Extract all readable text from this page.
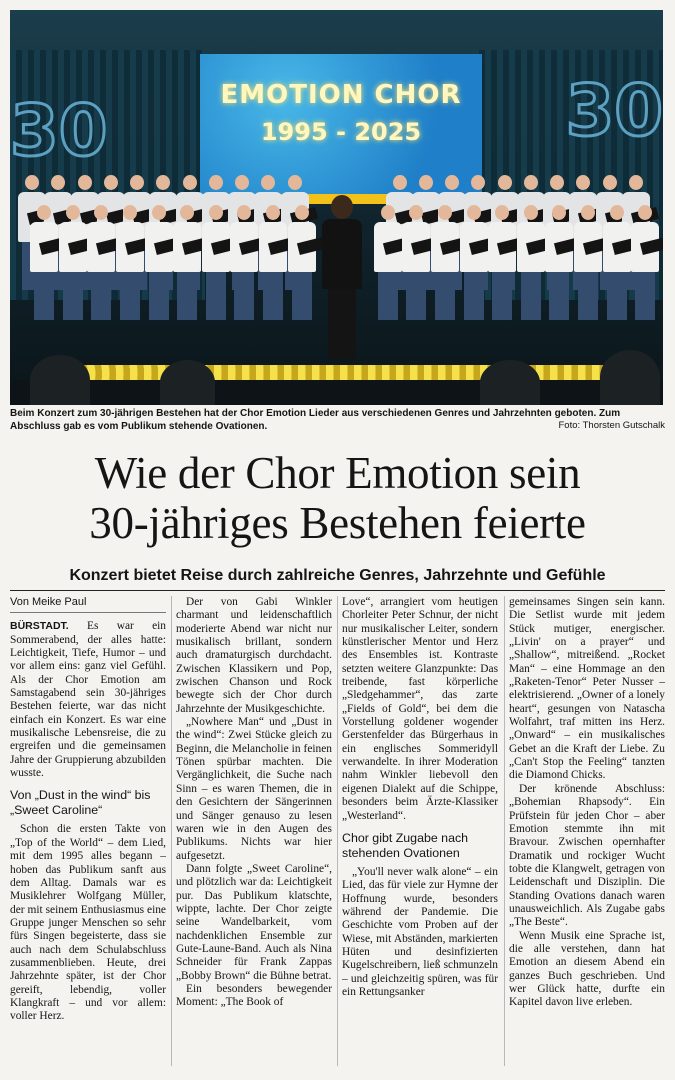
EMOTION CHOR
1995 - 2025
30	30
Beim Konzert zum 30-jährigen Bestehen hat der Chor Emotion Lieder aus verschiedenen Genres und Jahrzehnten geboten. Zum Abschluss gab es vom Publikum stehende Ovationen.	Foto: Thorsten Gutschalk
Wie der Chor Emotion sein
30-jähriges Bestehen feierte
Konzert bietet Reise durch zahlreiche Genres, Jahrzehnte und Gefühle
Von Meike Paul

BÜRSTADT. Es war ein Sommerabend, der alles hatte: Leichtigkeit, Tiefe, Humor – und vor allem eins: ganz viel Gefühl. Als der Chor Emotion am Samstagabend sein 30-jähriges Bestehen feierte, war das nicht einfach ein Konzert. Es war eine musikalische Lebensreise, die zu ergreifen und die gemeinsamen Jahre der Gruppierung abzubilden wusste.

Von „Dust in the wind“ bis „Sweet Caroline“

Schon die ersten Takte von „Top of the World“ – dem Lied, mit dem 1995 alles begann – hoben das Publikum sanft aus dem Alltag. Damals war es Musiklehrer Wolfgang Müller, der mit seinem Enthusiasmus eine Gruppe junger Menschen so sehr fürs Singen begeisterte, dass sie auch nach dem Schulabschluss zusammenblieben. Heute, drei Jahrzehnte später, ist der Chor gereift, lebendig, voller Klangkraft – und vor allem: voller Herz.

Der von Gabi Winkler charmant und leidenschaftlich moderierte Abend war nicht nur musikalisch brillant, sondern auch dramaturgisch durchdacht. Zwischen Klassikern und Pop, zwischen Chanson und Rock bewegte sich der Chor durch Jahrzehnte der Musikgeschichte.

„Nowhere Man“ und „Dust in the wind“: Zwei Stücke gleich zu Beginn, die Melancholie in feinen Tönen spürbar machten. Die Vergänglichkeit, die Suche nach Sinn – es waren Themen, die in den Gesichtern der Sängerinnen und Sänger genauso zu lesen waren wie in den Augen des Publikums. Nichts war hier aufgesetzt.

Dann folgte „Sweet Caroline“, und plötzlich war da: Leichtigkeit pur. Das Publikum klatschte, wippte, lachte. Der Chor zeigte seine Wandelbarkeit, vom nachdenklichen Ensemble zur Gute-Laune-Band. Auch als Nina Schneider für Frank Zappas „Bobby Brown“ die Bühne betrat.

Ein besonders bewegender Moment: „The Book of

Love“, arrangiert vom heutigen Chorleiter Peter Schnur, der nicht nur musikalischer Leiter, sondern künstlerischer Mentor und Herz des Ensembles ist. Kontraste setzten weitere Glanzpunkte: Das treibende, fast körperliche „Sledgehammer“, das zarte „Fields of Gold“, bei dem die Vorstellung goldener wogender Gerstenfelder das Bürgerhaus in ein englisches Sommeridyll verwandelte. In ihrer Moderation nahm Winkler liebevoll den eigenen Dialekt auf die Schippe, besonders beim Ärzte-Klassiker „Westerland“.

Chor gibt Zugabe nach stehenden Ovationen

„You'll never walk alone“ – ein Lied, das für viele zur Hymne der Hoffnung wurde, besonders während der Pandemie. Die Geschichte vom Proben auf der Wiese, mit Abständen, markierten Hüten und desinfizierten Kugelschreibern, ließ schmunzeln – und gleichzeitig spüren, was für ein Rettungsanker

gemeinsames Singen sein kann. Die Setlist wurde mit jedem Stück mutiger, energischer. „Livin' on a prayer“ und „Shallow“, mitreißend. „Rocket Man“ – eine Hommage an den „Raketen-Tenor“ Peter Nusser – elektrisierend. „Owner of a lonely heart“, gesungen von Natascha Wolfahrt, traf mitten ins Herz. „Onward“ – ein musikalisches Gebet an die Kraft der Liebe. Zu „Can't Stop the Feeling“ tanzten die Diamond Chicks.

Der krönende Abschluss: „Bohemian Rhapsody“. Ein Prüfstein für jeden Chor – aber Emotion stemmte ihn mit Bravour. Zwischen opernhafter Dramatik und rockiger Wucht tobte die Klangwelt, getragen von Leidenschaft und Disziplin. Die Standing Ovations danach waren unausweichlich. Als Zugabe gabs „The Beste“.

Wenn Musik eine Sprache ist, die alle verstehen, dann hat Emotion an diesem Abend ein ganzes Buch geschrieben. Und wer Glück hatte, durfte ein Kapitel davon live erleben.
